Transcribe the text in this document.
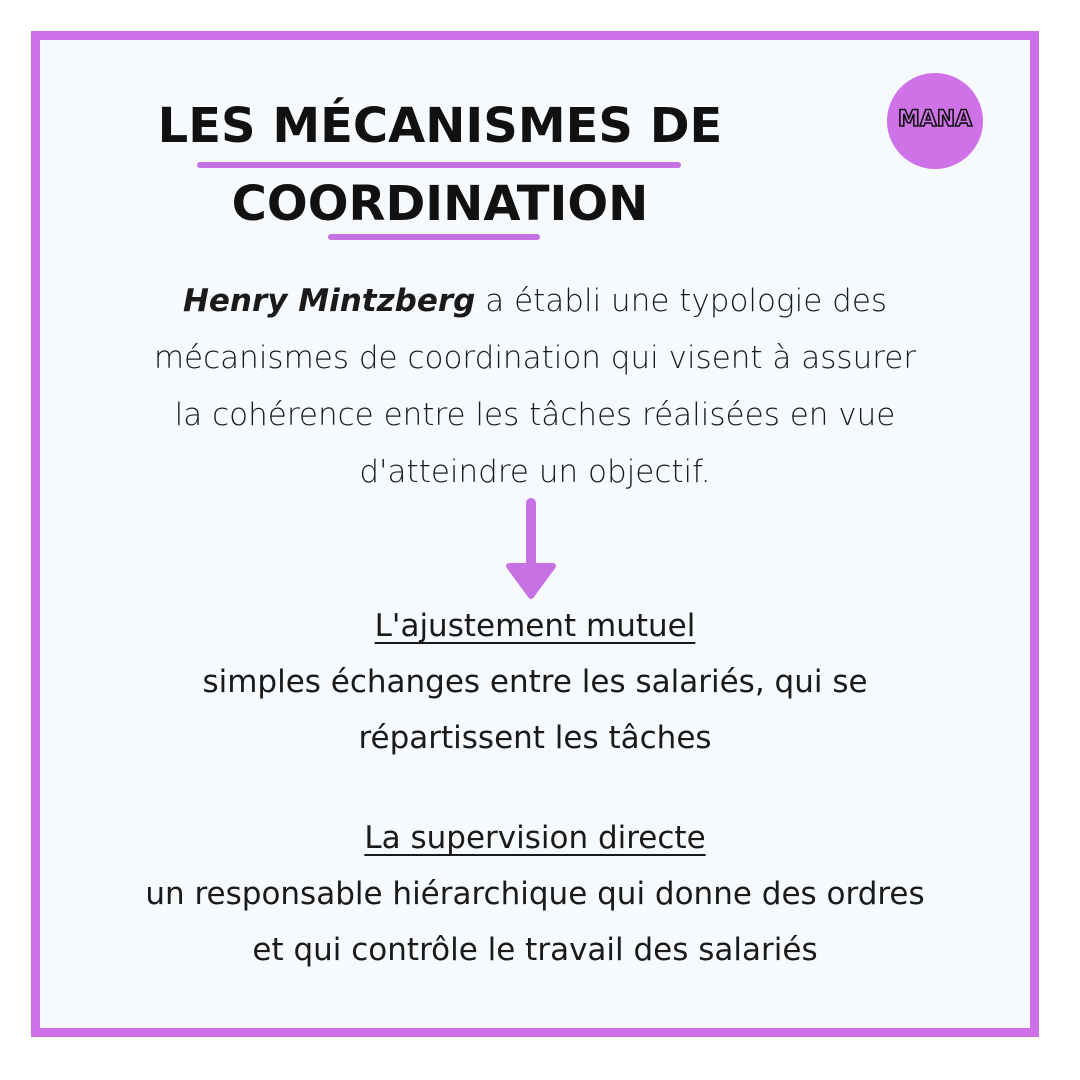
LES MÉCANISMES DE
COORDINATION
MANA
Henry Mintzberg a établi une typologie des
mécanismes de coordination qui visent à assurer
la cohérence entre les tâches réalisées en vue
d'atteindre un objectif.
L'ajustement mutuel
simples échanges entre les salariés, qui se
répartissent les tâches
La supervision directe
un responsable hiérarchique qui donne des ordres
et qui contrôle le travail des salariés
